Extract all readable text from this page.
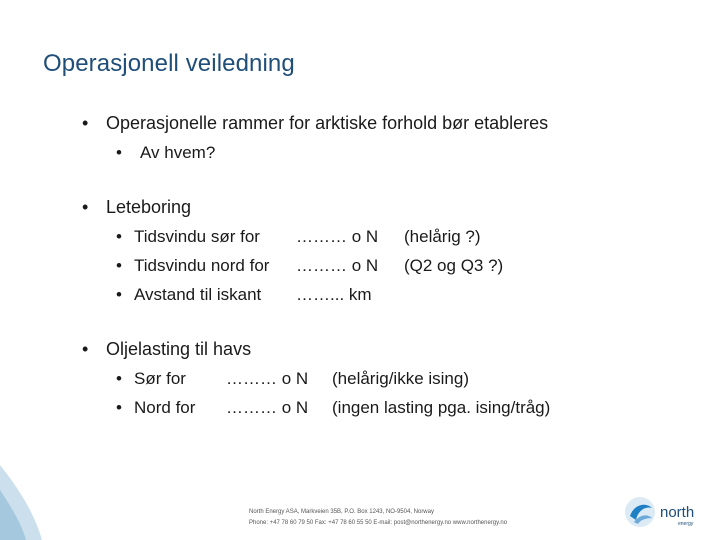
Operasjonell veiledning
• Operasjonelle rammer for arktiske forhold bør etableres
• Av hvem?
• Leteboring
• Tidsvindu sør for ……… o N (helårig ?)
• Tidsvindu nord for ……… o N (Q2 og Q3 ?)
• Avstand til iskant ……... km
• Oljelasting til havs
• Sør for ……… o N (helårig/ikke ising)
• Nord for ……… o N (ingen lasting pga. ising/tråg)
North Energy ASA, Markveien 35B, P.O. Box 1243, NO-9504, Norway
Phone: +47 78 60 79 50 Fax: +47 78 60 55 50 E-mail: post@northenergy.no www.northenergy.no
north
energy
